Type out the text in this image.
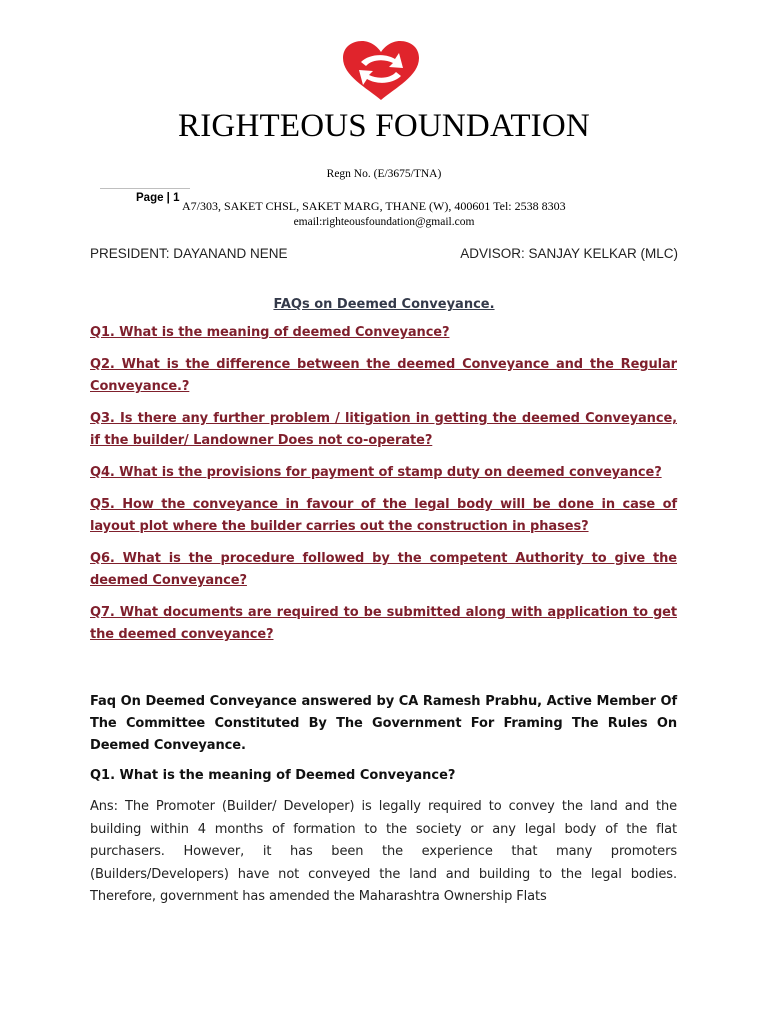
RIGHTEOUS FOUNDATION
Regn No. (E/3675/TNA)
Page | 1
A7/303, SAKET CHSL, SAKET MARG, THANE (W), 400601 Tel: 2538 8303
email:righteousfoundation@gmail.com
PRESIDENT: DAYANAND NENE	ADVISOR: SANJAY KELKAR (MLC)
FAQs on Deemed Conveyance.
Q1. What is the meaning of deemed Conveyance?
Q2. What is the difference between the deemed Conveyance and the Regular Conveyance.?
Q3. Is there any further problem / litigation in getting the deemed Conveyance, if the builder/ Landowner Does not co-operate?
Q4. What is the provisions for payment of stamp duty on deemed conveyance?
Q5. How the conveyance in favour of the legal body will be done in case of layout plot where the builder carries out the construction in phases?
Q6. What is the procedure followed by the competent Authority to give the deemed Conveyance?
Q7. What documents are required to be submitted along with application to get the deemed conveyance?
Faq On Deemed Conveyance answered by CA Ramesh Prabhu, Active Member Of The Committee Constituted By The Government For Framing The Rules On Deemed Conveyance.
Q1. What is the meaning of Deemed Conveyance?
Ans: The Promoter (Builder/ Developer) is legally required to convey the land and the building within 4 months of formation to the society or any legal body of the flat purchasers. However, it has been the experience that many promoters (Builders/Developers) have not conveyed the land and building to the legal bodies. Therefore, government has amended the Maharashtra Ownership Flats
